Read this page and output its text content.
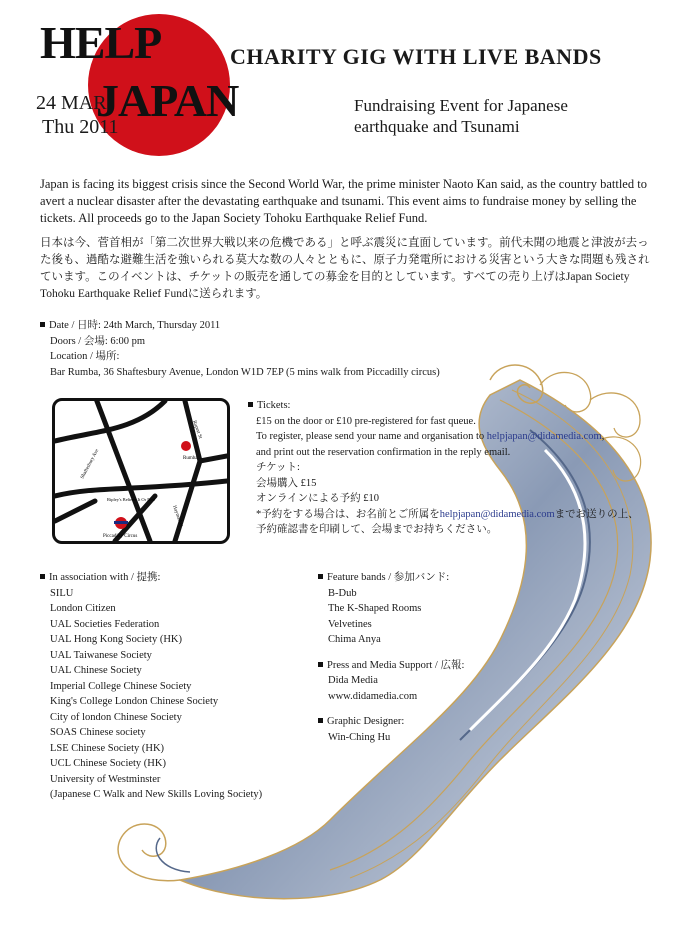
HELP
JAPAN
CHARITY GIG WITH LIVE BANDS
24 MAR
Thu 2011
Fundraising Event for Japanese
earthquake and Tsunami
Japan is facing its biggest crisis since the Second World War, the prime minister Naoto Kan said, as the country battled to avert a nuclear disaster after the devastating earthquake and tsunami. This event aims to fundraise money by selling the tickets. All proceeds go to the Japan Society Tohoku Earthquake Relief Fund.
日本は今、菅首相が「第二次世界大戦以来の危機である」と呼ぶ震災に直面しています。前代未聞の地震と津波が去った後も、過酷な避難生活を強いられる莫大な数の人々とともに、原子力発電所における災害という大きな問題も残されています。このイベントは、チケットの販売を通しての募金を目的としています。すべての売り上げはJapan Society Tohoku Earthquake Relief Fundに送られます。
Date / 日時: 24th March, Thursday 2011
Doors / 会場: 6:00 pm
Location / 場所:
Bar Rumba, 36 Shaftesbury Avenue, London W1D 7EP (5 mins walk from Piccadilly circus)
Rumba
Rupert St
Shaftesbury Ave
Ripley's Believe It Or Not!
Haymarket
Piccadilly Circus
Tickets:
£15 on the door or £10 pre-registered for fast queue.
To register, please send your name and organisation to helpjapan@didamedia.com,
and print out the reservation confirmation in the reply email.
チケット:
会場購入 £15
オンラインによる予約 £10
*予約をする場合は、お名前とご所属をhelpjapan@didamedia.comまでお送りの上、
予約確認書を印刷して、会場までお持ちください。
In association with / 提携:
SILU
London Citizen
UAL Societies Federation
UAL Hong Kong Society (HK)
UAL Taiwanese Society
UAL Chinese Society
Imperial College Chinese Society
King's College London Chinese Society
City of london Chinese Society
SOAS Chinese society
LSE Chinese Society (HK)
UCL Chinese Society (HK)
University of Westminster
(Japanese C Walk and New Skills Loving Society)
Feature bands / 参加バンド:
B-Dub
The K-Shaped Rooms
Velvetines
Chima Anya
Press and Media Support / 広報:
Dida Media
www.didamedia.com
Graphic Designer:
Win-Ching Hu
